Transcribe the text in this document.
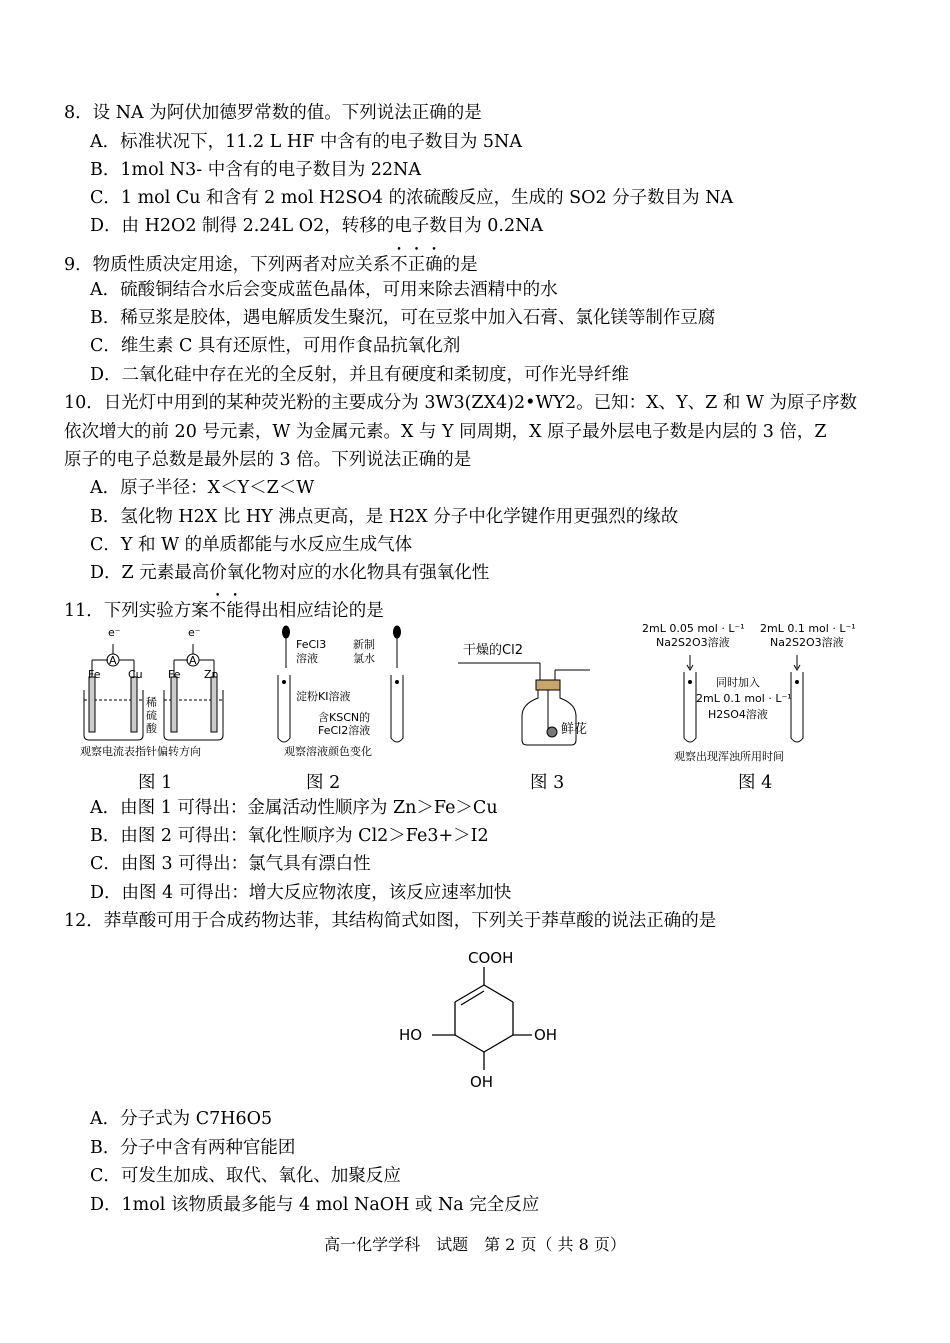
8．设 NA 为阿伏加德罗常数的值。下列说法正确的是
A．标准状况下，11.2 L HF 中含有的电子数目为 5NA
B．1mol N3- 中含有的电子数目为 22NA
C．1 mol Cu 和含有 2 mol H2SO4 的浓硫酸反应，生成的 SO2 分子数目为 NA
D．由 H2O2 制得 2.24L O2，转移的电子数目为 0.2NA
9．物质性质决定用途，下列两者对应关系不正确的是
A．硫酸铜结合水后会变成蓝色晶体，可用来除去酒精中的水
B．稀豆浆是胶体，遇电解质发生聚沉，可在豆浆中加入石膏、氯化镁等制作豆腐
C．维生素 C 具有还原性，可用作食品抗氧化剂
D．二氧化硅中存在光的全反射，并且有硬度和柔韧度，可作光导纤维
10．日光灯中用到的某种荧光粉的主要成分为 3W3(ZX4)2•WY2。已知：X、Y、Z 和 W 为原子序数
依次增大的前 20 号元素，W 为金属元素。X 与 Y 同周期，X 原子最外层电子数是内层的 3 倍，Z
原子的电子总数是最外层的 3 倍。下列说法正确的是
A．原子半径：X＜Y＜Z＜W
B．氢化物 H2X 比 HY 沸点更高，是 H2X 分子中化学键作用更强烈的缘故
C．Y 和 W 的单质都能与水反应生成气体
D．Z 元素最高价氧化物对应的水化物具有强氧化性
11．下列实验方案不能得出相应结论的是
e⁻	e⁻
A	A
Fe	Cu Fe Zn
稀
硫
酸
观察电流表指针偏转方向
FeCl3
溶液
新制
氯水
淀粉KI溶液
含KSCN的
FeCl2溶液
观察溶液颜色变化
干燥的Cl2
鲜花
2mL 0.05 mol · L⁻¹
Na2S2O3溶液
2mL 0.1 mol · L⁻¹
Na2S2O3溶液
同时加入
2mL 0.1 mol · L⁻¹
H2SO4溶液
观察出现浑浊所用时间
图 1	图 2	图 3	图 4
A．由图 1 可得出：金属活动性顺序为 Zn＞Fe＞Cu
B．由图 2 可得出：氧化性顺序为 Cl2＞Fe3+＞I2
C．由图 3 可得出：氯气具有漂白性
D．由图 4 可得出：增大反应物浓度，该反应速率加快
12．莽草酸可用于合成药物达菲，其结构简式如图，下列关于莽草酸的说法正确的是
COOH
HO	OH
OH
A．分子式为 C7H6O5
B．分子中含有两种官能团
C．可发生加成、取代、氧化、加聚反应
D．1mol 该物质最多能与 4 mol NaOH 或 Na 完全反应
高一化学学科　试题　第 2 页（ 共 8 页）
